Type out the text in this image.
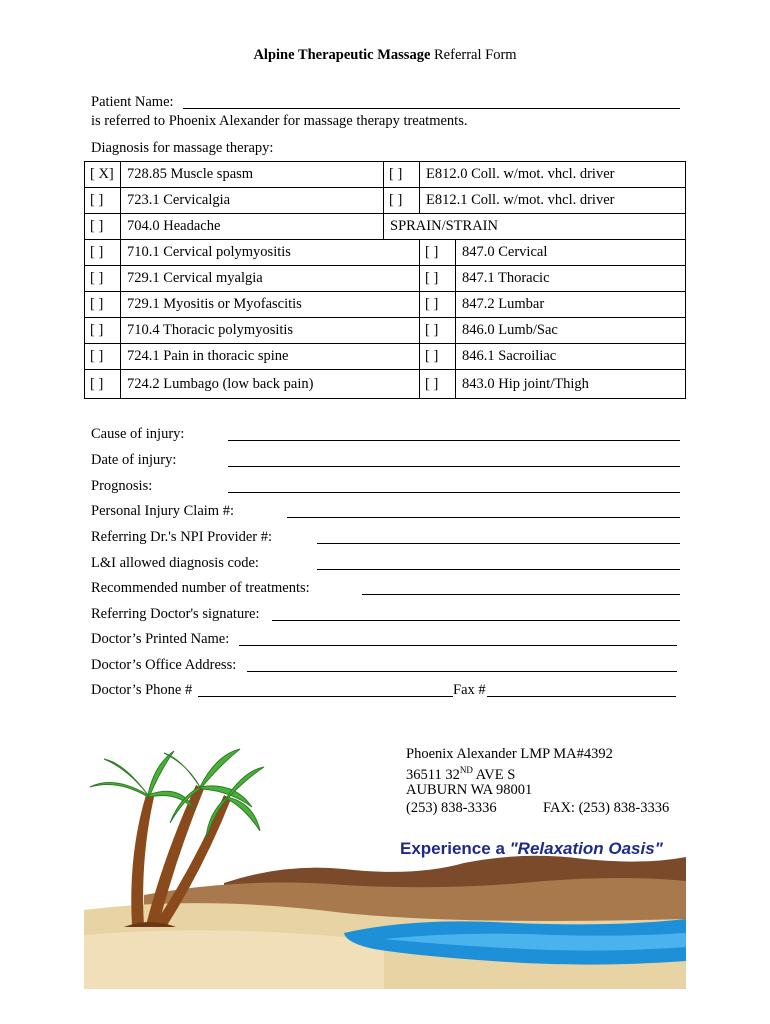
Alpine Therapeutic Massage Referral Form
Patient Name:
is referred to Phoenix Alexander for massage therapy treatments.
Diagnosis for massage therapy:
[ X]	728.85 Muscle spasm	[ ]	E812.0 Coll. w/mot. vhcl. driver	
[ ]	723.1 Cervicalgia	[ ]	E812.1 Coll. w/mot. vhcl. driver	
[ ]	704.0 Headache	SPRAIN/STRAIN		
[ ]	710.1 Cervical polymyositis		[ ]	847.0 Cervical
[ ]	729.1 Cervical myalgia		[ ]	847.1 Thoracic
[ ]	729.1 Myositis or Myofascitis		[ ]	847.2 Lumbar
[ ]	710.4 Thoracic polymyositis		[ ]	846.0 Lumb/Sac
[ ]	724.1 Pain in thoracic spine		[ ]	846.1 Sacroiliac
[ ]	724.2 Lumbago (low back pain)		[ ]	843.0 Hip joint/Thigh
Cause of injury:
Date of injury:
Prognosis:
Personal Injury Claim #:
Referring Dr.'s NPI Provider #:
L&I allowed diagnosis code:
Recommended number of treatments:
Referring Doctor's signature:
Doctor’s Printed Name:
Doctor’s Office Address:
Doctor’s Phone #	Fax #
Phoenix Alexander LMP MA#4392
36511 32ND AVE S
AUBURN WA 98001
(253) 838-3336	FAX: (253) 838-3336
Experience a "Relaxation Oasis"
